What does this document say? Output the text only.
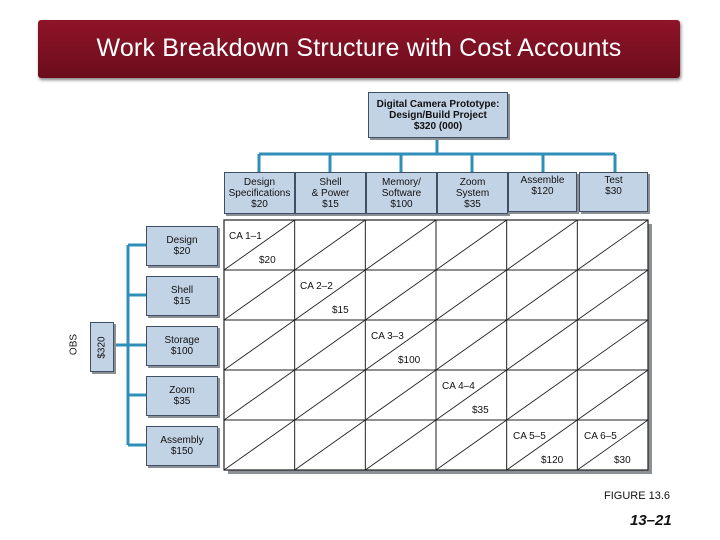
Work Breakdown Structure with Cost Accounts
Digital Camera Prototype:
Design/Build Project
$320 (000)
Design
Specifications
$20
Shell
& Power
$15
Memory/
Software
$100
Zoom
System
$35
Assemble
$120
Test
$30
OBS $320
Design
$20
Shell
$15
Storage
$100
Zoom
$35
Assembly
$150
CA 1–1
$20
CA 2–2
$15
CA 3–3
$100
CA 4–4
$35
CA 5–5
$120
CA 6–5
$30
FIGURE 13.6
13–21
